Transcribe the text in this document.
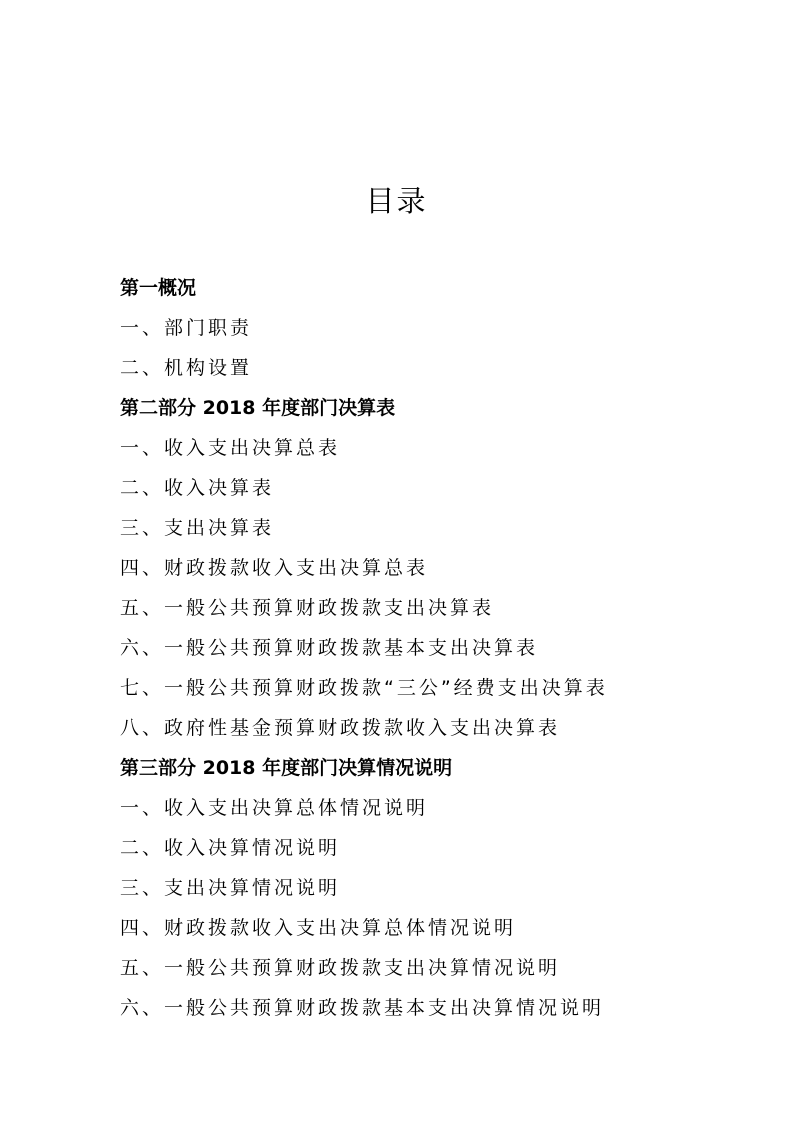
目录
第一概况
一、部门职责
二、机构设置
第二部分 2018 年度部门决算表
一、收入支出决算总表
二、收入决算表
三、支出决算表
四、财政拨款收入支出决算总表
五、一般公共预算财政拨款支出决算表
六、一般公共预算财政拨款基本支出决算表
七、一般公共预算财政拨款“三公”经费支出决算表
八、政府性基金预算财政拨款收入支出决算表
第三部分 2018 年度部门决算情况说明
一、收入支出决算总体情况说明
二、收入决算情况说明
三、支出决算情况说明
四、财政拨款收入支出决算总体情况说明
五、一般公共预算财政拨款支出决算情况说明
六、一般公共预算财政拨款基本支出决算情况说明
